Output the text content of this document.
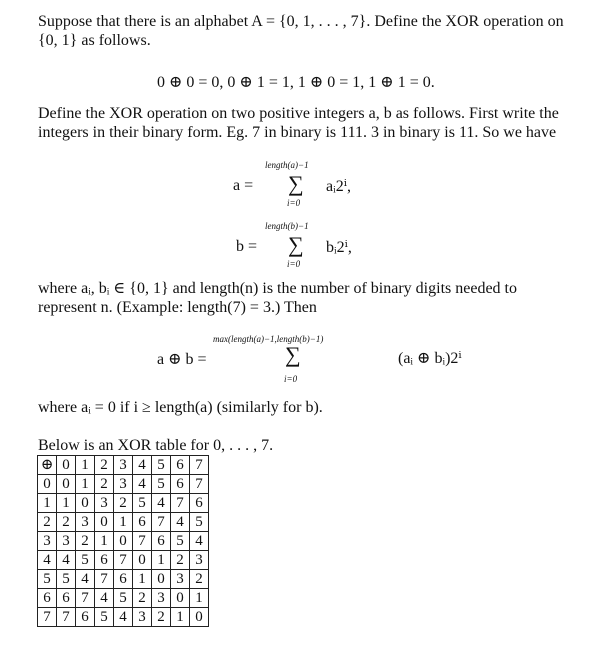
Suppose that there is an alphabet A = {0, 1, . . . , 7}. Define the XOR operation on {0, 1} as follows.

0 ⊕ 0 = 0, 0 ⊕ 1 = 1, 1 ⊕ 0 = 1, 1 ⊕ 1 = 0.

Define the XOR operation on two positive integers a, b as follows. First write the integers in their binary form. Eg. 7 in binary is 111. 3 in binary is 11. So we have

a =
length(a)−1
∑
i=0
aᵢ2ⁱ,
b =
length(b)−1
∑
i=0
bᵢ2ⁱ,

where aᵢ, bᵢ ∈ {0, 1} and length(n) is the number of binary digits needed to represent n. (Example: length(7) = 3.) Then

a ⊕ b =
max(length(a)−1,length(b)−1)
∑
i=0
(aᵢ ⊕ bᵢ)2ⁱ

where aᵢ = 0 if i ≥ length(a) (similarly for b).

Below is an XOR table for 0, . . . , 7.

⊕	0	1	2	3	4	5	6	7
0	0	1	2	3	4	5	6	7
1	1	0	3	2	5	4	7	6
2	2	3	0	1	6	7	4	5
3	3	2	1	0	7	6	5	4
4	4	5	6	7	0	1	2	3
5	5	4	7	6	1	0	3	2
6	6	7	4	5	2	3	0	1
7	7	6	5	4	3	2	1	0
